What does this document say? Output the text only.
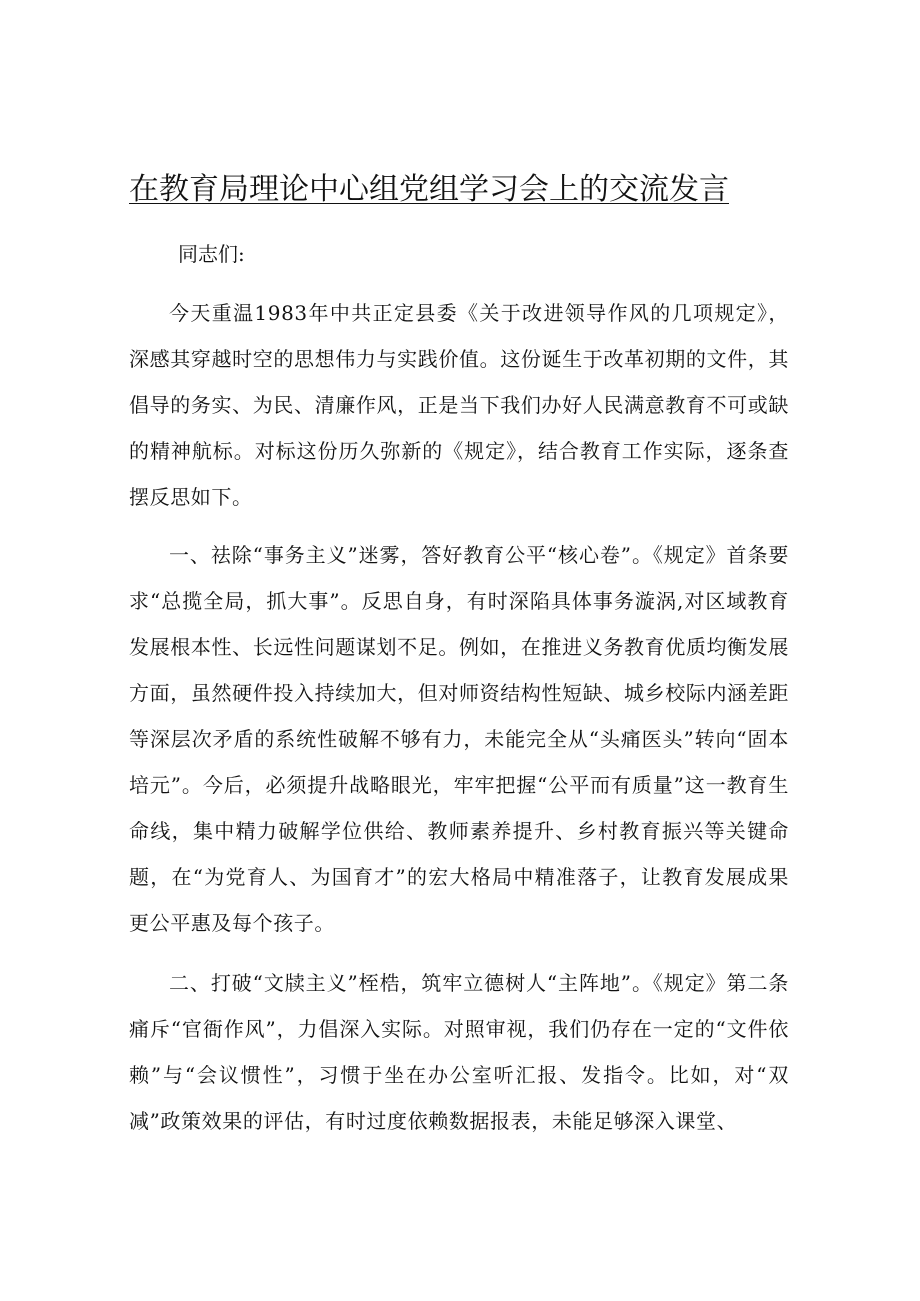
在教育局理论中心组党组学习会上的交流发言

同志们:

今天重温1983年中共正定县委《关于改进领导作风的几项规定》，深感其穿越时空的思想伟力与实践价值。这份诞生于改革初期的文件，其倡导的务实、为民、清廉作风，正是当下我们办好人民满意教育不可或缺的精神航标。对标这份历久弥新的《规定》，结合教育工作实际，逐条查摆反思如下。

一、祛除“事务主义”迷雾，答好教育公平“核心卷”。《规定》首条要求“总揽全局，抓大事”。反思自身，有时深陷具体事务漩涡,对区域教育发展根本性、长远性问题谋划不足。例如，在推进义务教育优质均衡发展方面，虽然硬件投入持续加大，但对师资结构性短缺、城乡校际内涵差距等深层次矛盾的系统性破解不够有力，未能完全从“头痛医头”转向“固本培元”。今后，必须提升战略眼光，牢牢把握“公平而有质量”这一教育生命线，集中精力破解学位供给、教师素养提升、乡村教育振兴等关键命题，在“为党育人、为国育才”的宏大格局中精准落子，让教育发展成果更公平惠及每个孩子。

二、打破“文牍主义”桎梏，筑牢立德树人“主阵地”。《规定》第二条痛斥“官衙作风”，力倡深入实际。对照审视，我们仍存在一定的“文件依赖”与“会议惯性”，习惯于坐在办公室听汇报、发指令。比如，对“双减”政策效果的评估，有时过度依赖数据报表，未能足够深入课堂、
